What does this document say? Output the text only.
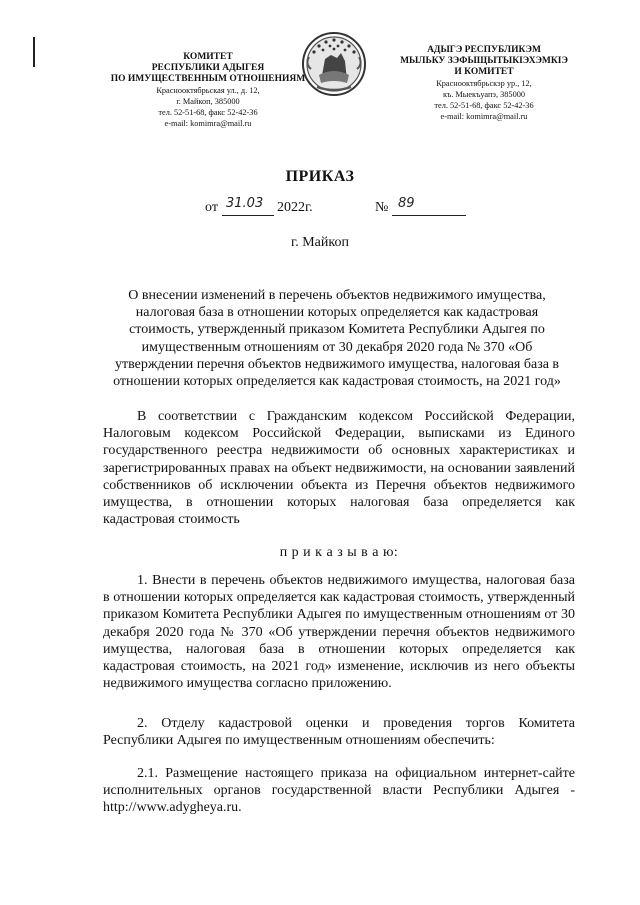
КОМИТЕТ
РЕСПУБЛИКИ АДЫГЕЯ
ПО ИМУЩЕСТВЕННЫМ ОТНОШЕНИЯМ
Краснооктябрьская ул., д. 12,
г. Майкоп, 385000
тел. 52-51-68, факс 52-42-36
e-mail: komimra@mail.ru
АДЫГЭ РЕСПУБЛИКЭМ
МЫЛЬКУ ЗЭФЫЩЫТЫКIЭХЭМКIЭ
И КОМИТЕТ
Краснооктябрьскэр ур., 12,
къ. Мыекъуапэ, 385000
тел. 52-51-68, факс 52-42-36
e-mail: komimra@mail.ru
ПРИКАЗ
от 31.03 2022г.	№ 89
г. Майкоп
О внесении изменений в перечень объектов недвижимого имущества,
налоговая база в отношении которых определяется как кадастровая
стоимость, утвержденный приказом Комитета Республики Адыгея по
имущественным отношениям от 30 декабря 2020 года № 370 «Об
утверждении перечня объектов недвижимого имущества, налоговая база в
отношении которых определяется как кадастровая стоимость, на 2021 год»
В соответствии с Гражданским кодексом Российской Федерации, Налоговым кодексом Российской Федерации, выписками из Единого государственного реестра недвижимости об основных характеристиках и зарегистрированных правах на объект недвижимости, на основании заявлений собственников об исключении объекта из Перечня объектов недвижимого имущества, в отношении которых налоговая база определяется как кадастровая стоимость
п р и к а з ы в а ю:
1. Внести в перечень объектов недвижимого имущества, налоговая база в отношении которых определяется как кадастровая стоимость, утвержденный приказом Комитета Республики Адыгея по имущественным отношениям от 30 декабря 2020 года № 370 «Об утверждении перечня объектов недвижимого имущества, налоговая база в отношении которых определяется как кадастровая стоимость, на 2021 год» изменение, исключив из него объекты недвижимого имущества согласно приложению.
2. Отделу кадастровой оценки и проведения торгов Комитета Республики Адыгея по имущественным отношениям обеспечить:
2.1. Размещение настоящего приказа на официальном интернет-сайте исполнительных органов государственной власти Республики Адыгея - http://www.adygheya.ru.
